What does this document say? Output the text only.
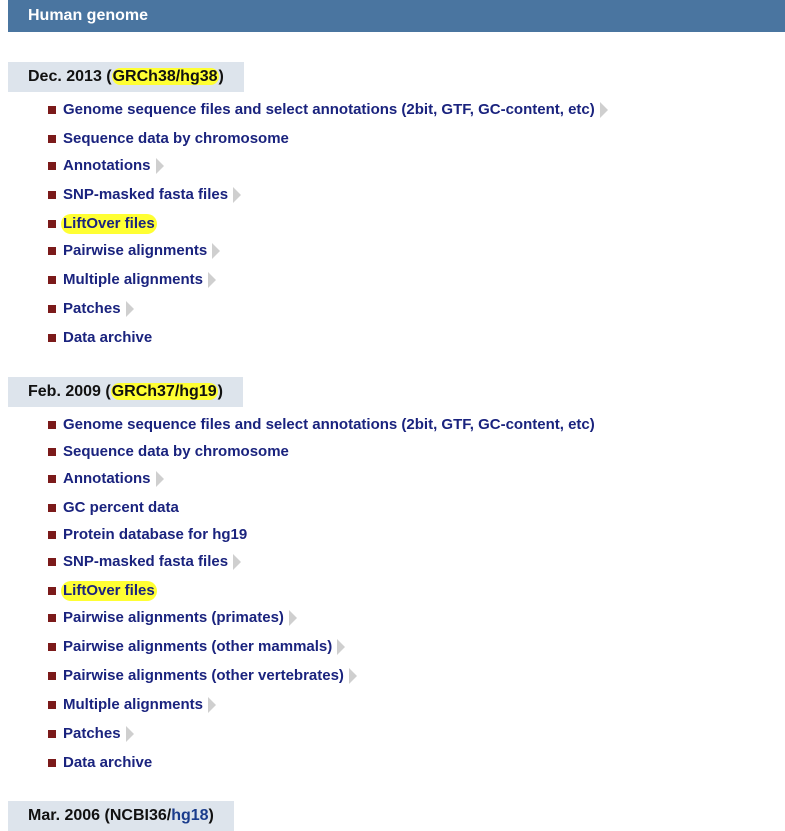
Human genome
Dec. 2013 (GRCh38/hg38)
Genome sequence files and select annotations (2bit, GTF, GC-content, etc)
Sequence data by chromosome
Annotations
SNP-masked fasta files
LiftOver files
Pairwise alignments
Multiple alignments
Patches
Data archive
Feb. 2009 (GRCh37/hg19)
Genome sequence files and select annotations (2bit, GTF, GC-content, etc)
Sequence data by chromosome
Annotations
GC percent data
Protein database for hg19
SNP-masked fasta files
LiftOver files
Pairwise alignments (primates)
Pairwise alignments (other mammals)
Pairwise alignments (other vertebrates)
Multiple alignments
Patches
Data archive
Mar. 2006 (NCBI36/hg18)
